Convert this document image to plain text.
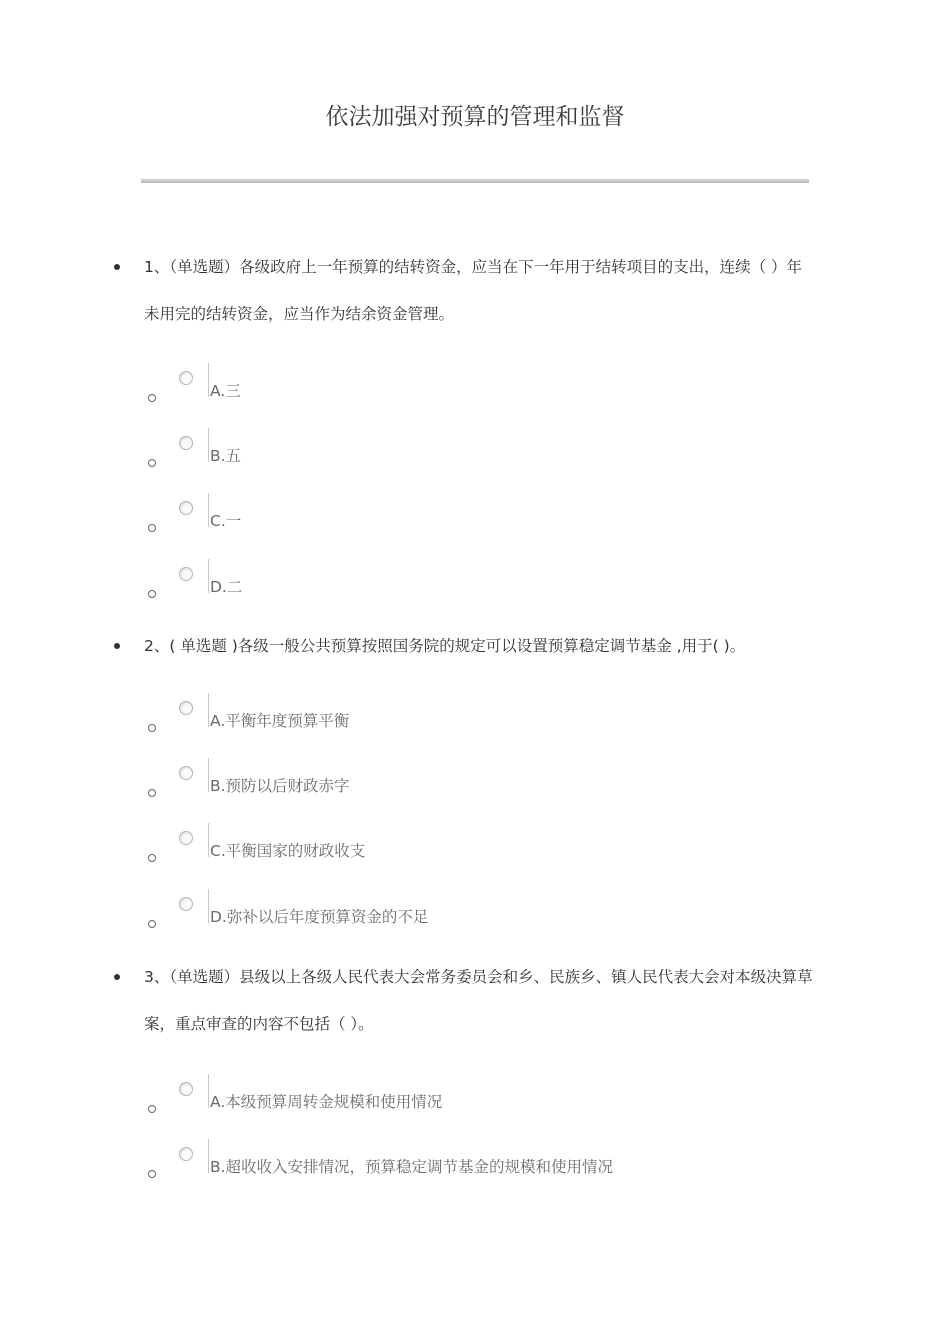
依法加强对预算的管理和监督

1、（单选题）各级政府上一年预算的结转资金，应当在下一年用于结转项目的支出，连续（ ）年未用完的结转资金，应当作为结余资金管理。

A.三
B.五
C.一
D.二

2、( 单选题 )各级一般公共预算按照国务院的规定可以设置预算稳定调节基金 ,用于( )。

A.平衡年度预算平衡
B.预防以后财政赤字
C.平衡国家的财政收支
D.弥补以后年度预算资金的不足

3、（单选题）县级以上各级人民代表大会常务委员会和乡、民族乡、镇人民代表大会对本级决算草案，重点审查的内容不包括（ ）。

A.本级预算周转金规模和使用情况
B.超收收入安排情况，预算稳定调节基金的规模和使用情况
